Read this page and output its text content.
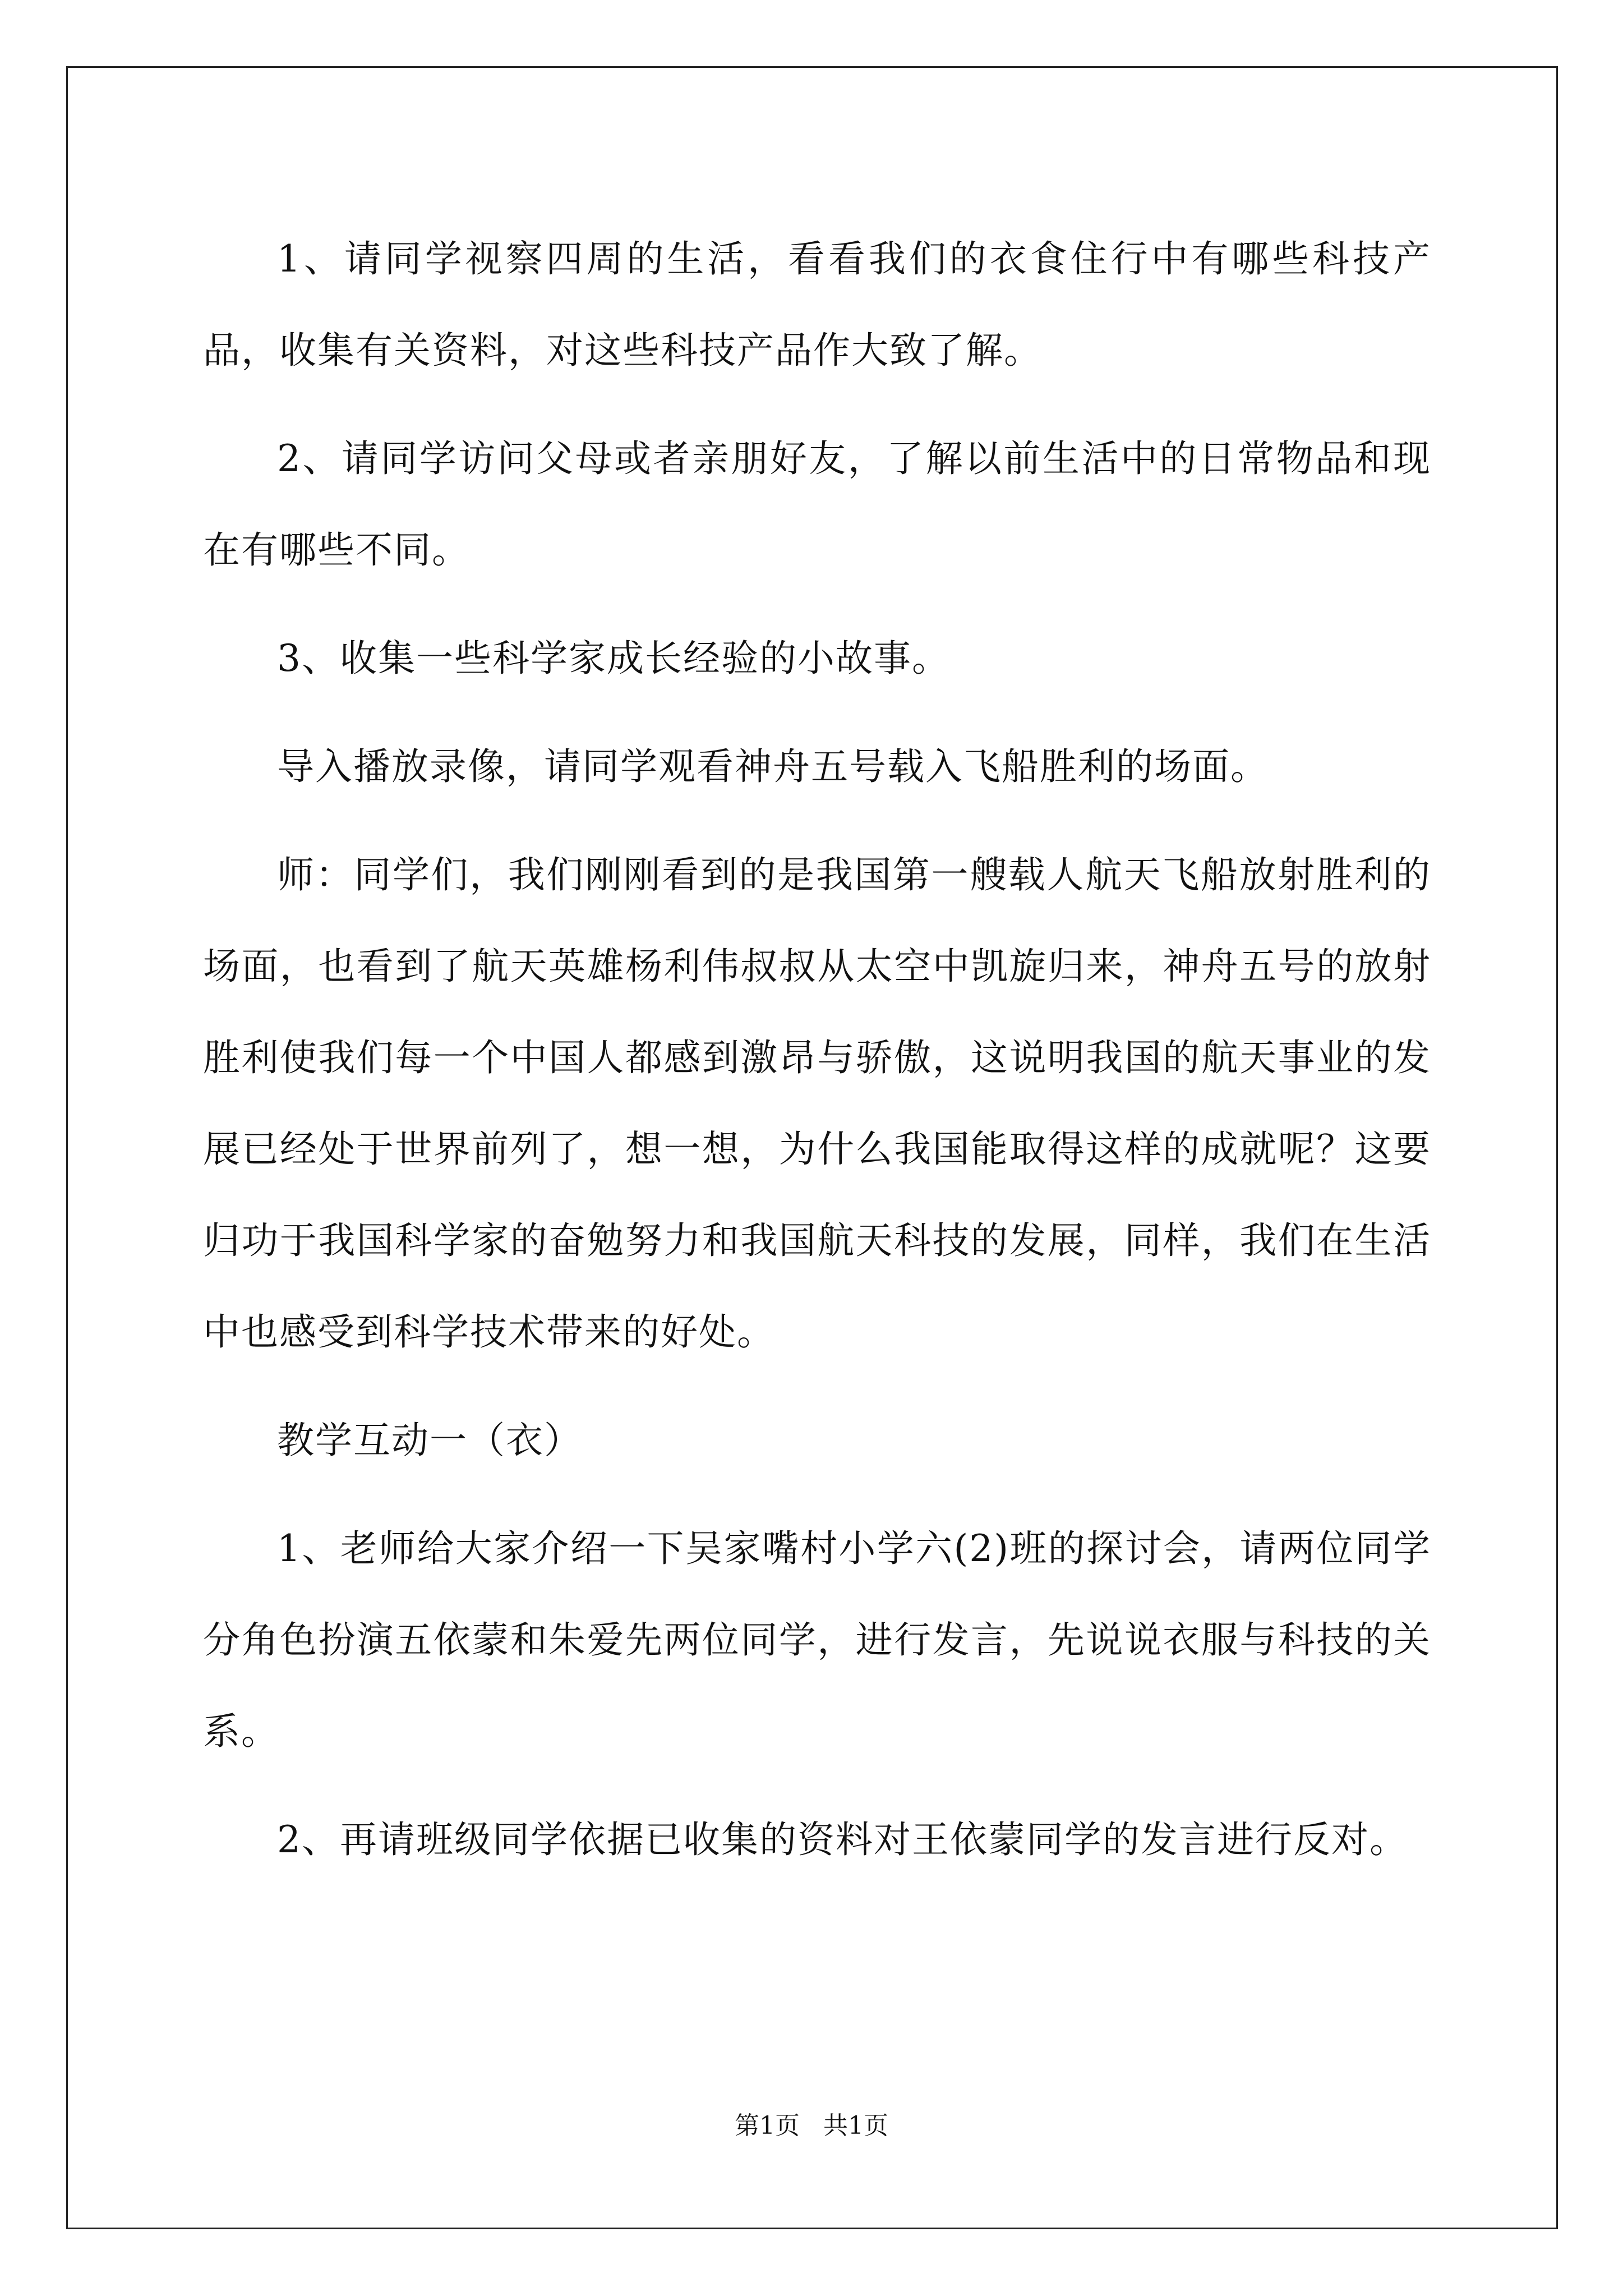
1、请同学视察四周的生活，看看我们的衣食住行中有哪些科技产品，收集有关资料，对这些科技产品作大致了解。

2、请同学访问父母或者亲朋好友，了解以前生活中的日常物品和现在有哪些不同。

3、收集一些科学家成长经验的小故事。

导入播放录像，请同学观看神舟五号载入飞船胜利的场面。

师：同学们，我们刚刚看到的是我国第一艘载人航天飞船放射胜利的场面，也看到了航天英雄杨利伟叔叔从太空中凯旋归来，神舟五号的放射胜利使我们每一个中国人都感到激昂与骄傲，这说明我国的航天事业的发展已经处于世界前列了，想一想，为什么我国能取得这样的成就呢？这要归功于我国科学家的奋勉努力和我国航天科技的发展，同样，我们在生活中也感受到科学技术带来的好处。

教学互动一（衣）

1、老师给大家介绍一下吴家嘴村小学六(2)班的探讨会，请两位同学分角色扮演五依蒙和朱爱先两位同学，进行发言，先说说衣服与科技的关系。

2、再请班级同学依据已收集的资料对王依蒙同学的发言进行反对。

第1页 共1页
